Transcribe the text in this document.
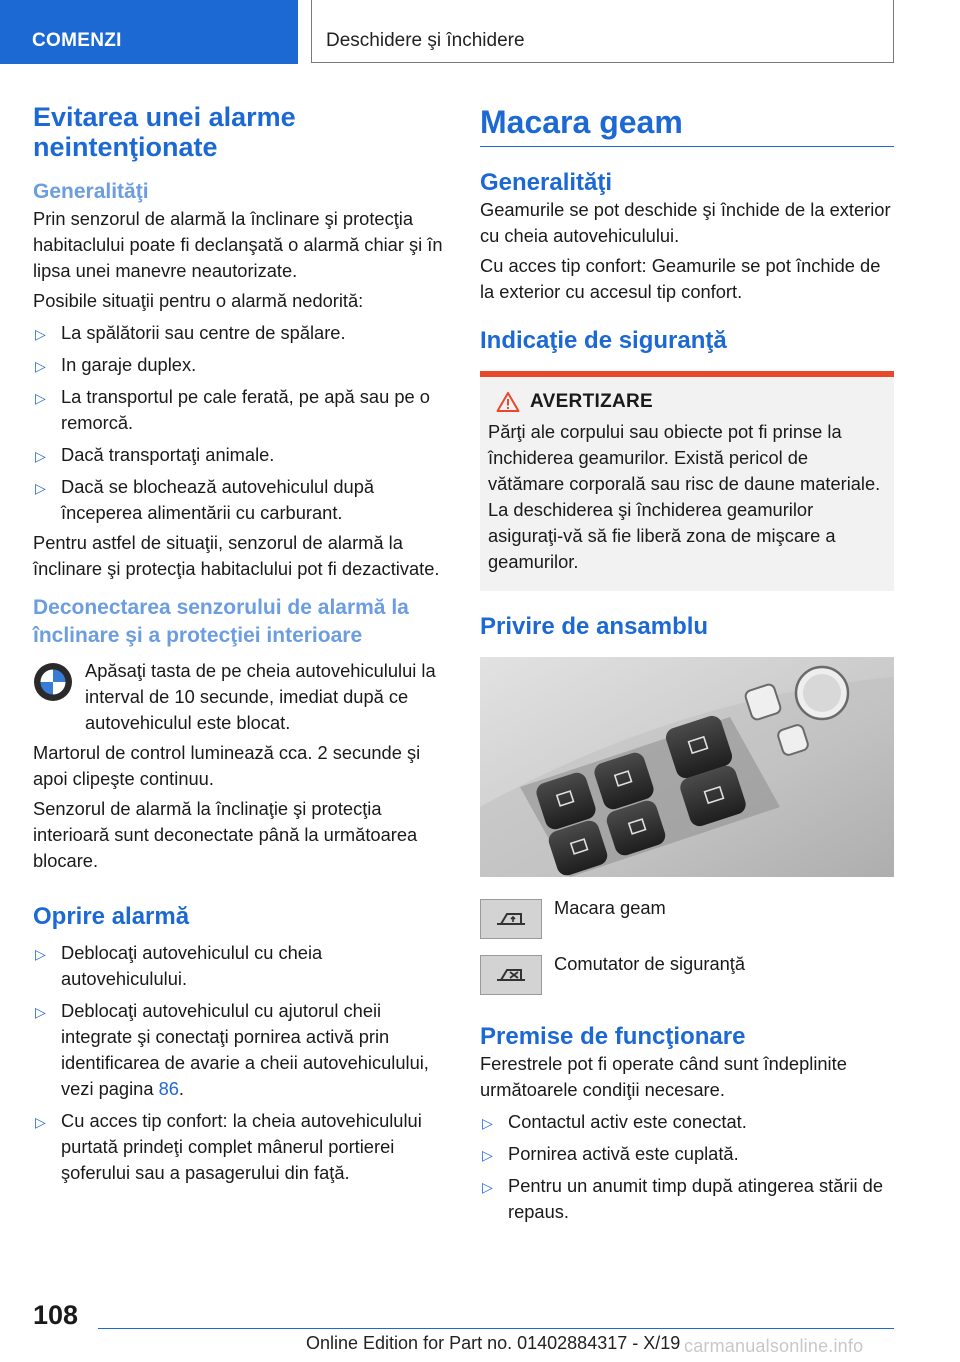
COMENZI	Deschidere şi închidere
Evitarea unei alarme neintenţionate
Generalităţi

Prin senzorul de alarmă la înclinare şi protecţia habitaclului poate fi declanşată o alarmă chiar şi în lipsa unei manevre neautorizate.

Posibile situaţii pentru o alarmă nedorită:

▷ La spălătorii sau centre de spălare.
▷ In garaje duplex.
▷ La transportul pe cale ferată, pe apă sau pe o remorcă.
▷ Dacă transportaţi animale.
▷ Dacă se blochează autovehiculul după începerea alimentării cu carburant.

Pentru astfel de situaţii, senzorul de alarmă la înclinare şi protecţia habitaclului pot fi dezactivate.

Deconectarea senzorului de alarmă la înclinare şi a protecţiei interioare

Apăsaţi tasta de pe cheia autovehiculului la interval de 10 secunde, imediat după ce autovehiculul este blocat.

Martorul de control luminează cca. 2 secunde şi apoi clipeşte continuu.

Senzorul de alarmă la înclinaţie şi protecţia interioară sunt deconectate până la următoarea blocare.

Oprire alarmă
▷ Deblocaţi autovehiculul cu cheia autovehiculului.
▷ Deblocaţi autovehiculul cu ajutorul cheii integrate şi conectaţi pornirea activă prin identificarea de avarie a cheii autovehiculului, vezi pagina 86.
▷ Cu acces tip confort: la cheia autovehiculului purtată prindeţi complet mânerul portierei şoferului sau a pasagerului din faţă.
Macara geam
Generalităţi

Geamurile se pot deschide şi închide de la exterior cu cheia autovehiculului.

Cu acces tip confort: Geamurile se pot închide de la exterior cu accesul tip confort.

Indicaţie de siguranţă
AVERTIZARE

Părţi ale corpului sau obiecte pot fi prinse la închiderea geamurilor. Există pericol de vătămare corporală sau risc de daune materiale. La deschiderea şi închiderea geamurilor asiguraţi-vă să fie liberă zona de mişcare a geamurilor.

Privire de ansamblu

Macara geam

Comutator de siguranţă

Premise de funcţionare

Ferestrele pot fi operate când sunt îndeplinite următoarele condiţii necesare.

▷ Contactul activ este conectat.
▷ Pornirea activă este cuplată.
▷ Pentru un anumit timp după atingerea stării de repaus.
108
Online Edition for Part no. 01402884317 - X/19 carmanualsonline.info
